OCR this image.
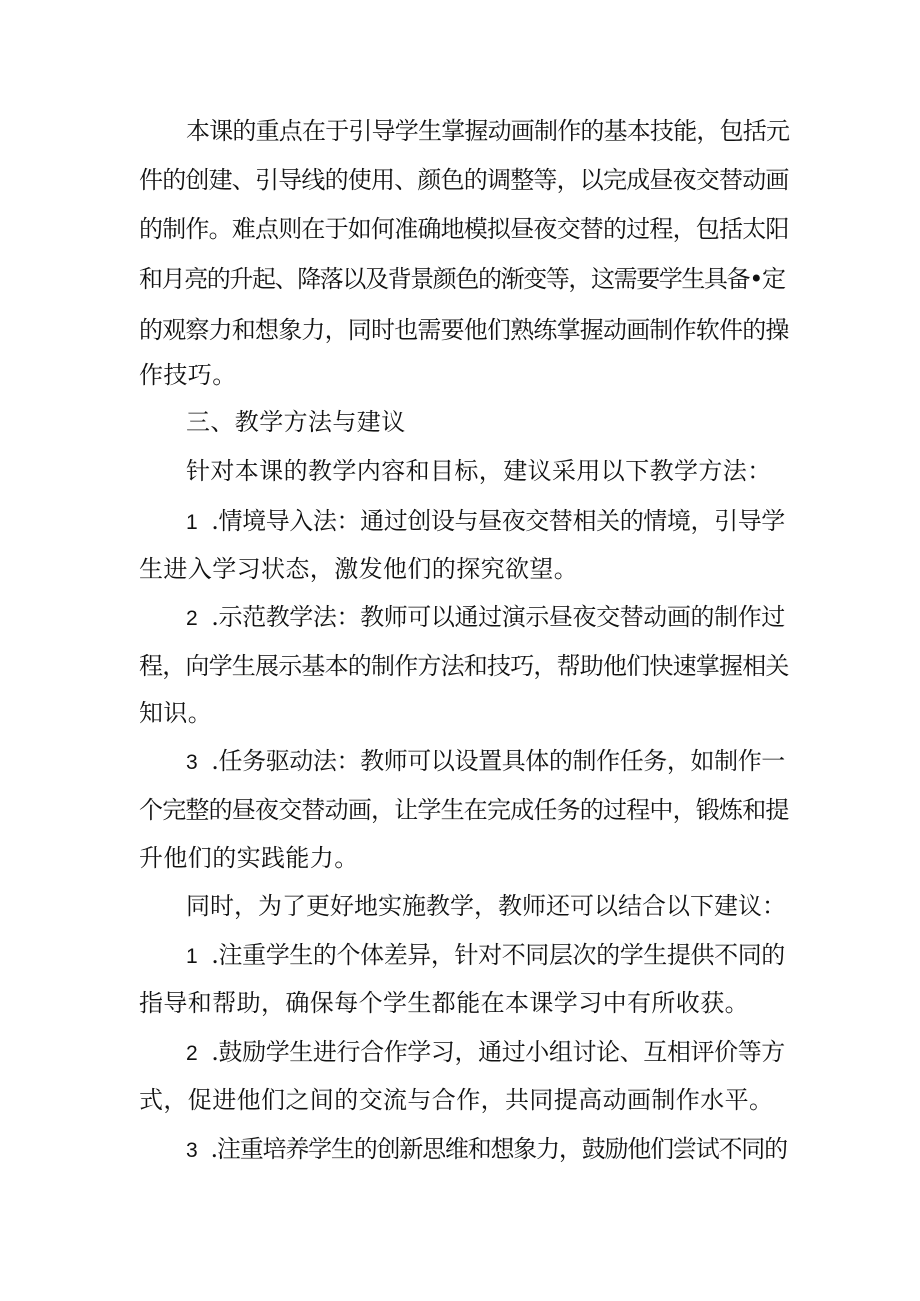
本课的重点在于引导学生掌握动画制作的基本技能，包括元
件的创建、引导线的使用、颜色的调整等，以完成昼夜交替动画
的制作。难点则在于如何准确地模拟昼夜交替的过程，包括太阳
和月亮的升起、降落以及背景颜色的渐变等，这需要学生具备•定
的观察力和想象力，同时也需要他们熟练掌握动画制作软件的操
作技巧。
三、教学方法与建议
针对本课的教学内容和目标，建议采用以下教学方法：
1 .情境导入法：通过创设与昼夜交替相关的情境，引导学
生进入学习状态，激发他们的探究欲望。
2 .示范教学法：教师可以通过演示昼夜交替动画的制作过
程，向学生展示基本的制作方法和技巧，帮助他们快速掌握相关
知识。
3 .任务驱动法：教师可以设置具体的制作任务，如制作一
个完整的昼夜交替动画，让学生在完成任务的过程中，锻炼和提
升他们的实践能力。
同时，为了更好地实施教学，教师还可以结合以下建议：
1 .注重学生的个体差异，针对不同层次的学生提供不同的
指导和帮助，确保每个学生都能在本课学习中有所收获。
2 .鼓励学生进行合作学习，通过小组讨论、互相评价等方
式，促进他们之间的交流与合作，共同提高动画制作水平。
3 .注重培养学生的创新思维和想象力，鼓励他们尝试不同的
